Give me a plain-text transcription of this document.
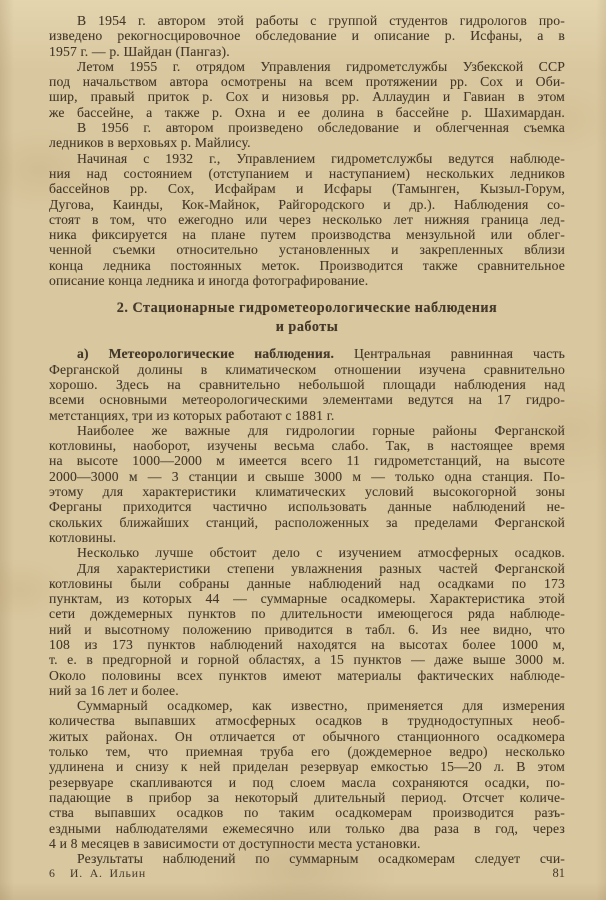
В 1954 г. автором этой работы с группой студентов гидрологов про-
изведено рекогносцировочное обследование и описание р. Исфаны, а в
1957 г. — р. Шайдан (Пангаз).
Летом 1955 г. отрядом Управления гидрометслужбы Узбекской ССР
под начальством автора осмотрены на всем протяжении рр. Сох и Оби-
шир, правый приток р. Сох и низовья рр. Аллаудин и Гавиан в этом
же бассейне, а также р. Охна и ее долина в бассейне р. Шахимардан.
В 1956 г. автором произведено обследование и облегченная съемка
ледников в верховьях р. Майлису.
Начиная с 1932 г., Управлением гидрометслужбы ведутся наблюде-
ния над состоянием (отступанием и наступанием) нескольких ледников
бассейнов рр. Сох, Исфайрам и Исфары (Тамынген, Кызыл-Горум,
Дугова, Каинды, Кок-Майнок, Райгородского и др.). Наблюдения со-
стоят в том, что ежегодно или через несколько лет нижняя граница лед-
ника фиксируется на плане путем производства мензульной или облег-
ченной съемки относительно установленных и закрепленных вблизи
конца ледника постоянных меток. Производится также сравнительное
описание конца ледника и иногда фотографирование.
2. Стационарные гидрометеорологические наблюдения
и работы
а) Метеорологические наблюдения. Центральная равнинная часть
Ферганской долины в климатическом отношении изучена сравнительно
хорошо. Здесь на сравнительно небольшой площади наблюдения над
всеми основными метеорологическими элементами ведутся на 17 гидро-
метстанциях, три из которых работают с 1881 г.
Наиболее же важные для гидрологии горные районы Ферганской
котловины, наоборот, изучены весьма слабо. Так, в настоящее время
на высоте 1000—2000 м имеется всего 11 гидрометстанций, на высоте
2000—3000 м — 3 станции и свыше 3000 м — только одна станция. По-
этому для характеристики климатических условий высокогорной зоны
Ферганы приходится частично использовать данные наблюдений не-
скольких ближайших станций, расположенных за пределами Ферганской
котловины.
Несколько лучше обстоит дело с изучением атмосферных осадков.
Для характеристики степени увлажнения разных частей Ферганской
котловины были собраны данные наблюдений над осадками по 173
пунктам, из которых 44 — суммарные осадкомеры. Характеристика этой
сети дождемерных пунктов по длительности имеющегося ряда наблюде-
ний и высотному положению приводится в табл. 6. Из нее видно, что
108 из 173 пунктов наблюдений находятся на высотах более 1000 м,
т. е. в предгорной и горной областях, а 15 пунктов — даже выше 3000 м.
Около половины всех пунктов имеют материалы фактических наблюде-
ний за 16 лет и более.
Суммарный осадкомер, как известно, применяется для измерения
количества выпавших атмосферных осадков в труднодоступных необ-
житых районах. Он отличается от обычного станционного осадкомера
только тем, что приемная труба его (дождемерное ведро) несколько
удлинена и снизу к ней приделан резервуар емкостью 15—20 л. В этом
резервуаре скапливаются и под слоем масла сохраняются осадки, по-
падающие в прибор за некоторый длительный период. Отсчет количе-
ства выпавших осадков по таким осадкомерам производится разъ-
ездными наблюдателями ежемесячно или только два раза в год, через
4 и 8 месяцев в зависимости от доступности места установки.
Результаты наблюдений по суммарным осадкомерам следует счи-
6 И. А. Ильин	81
